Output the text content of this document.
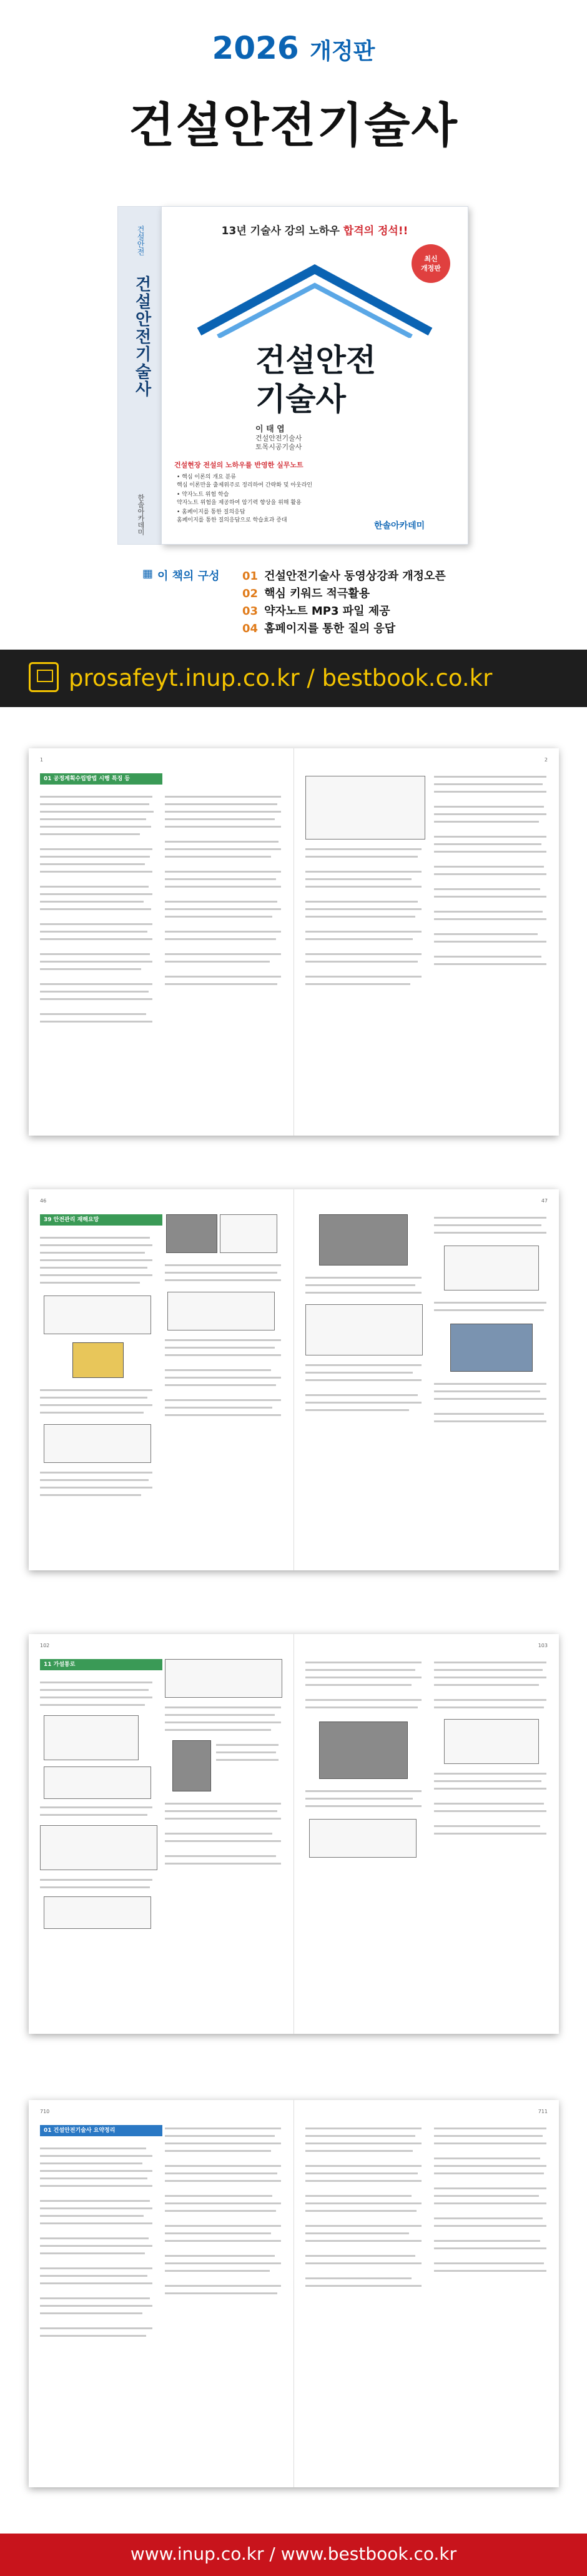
2026 개정판
건설안전기술사
건설안전
건설안전기술사
한솔아카데미
13년 기술사 강의 노하우 합격의 정석!!
최신
개정판
건설안전
기술사
이 태 엽
건설안전기술사
토목시공기술사
건설현장 전설의 노하우를 반영한 실무노트
• 핵심 이론의 개요 분류
핵심 이론만을 출제위주로 정리하여 간략화 및 아웃라인
• 약자노트 위험 학습
약자노트 위험을 제공하여 암기력 향상을 위해 활용
• 홈페이지를 통한 질의응답
홈페이지를 통한 질의응답으로 학습효과 증대
한솔아카데미
▦ 이 책의 구성 01 건설안전기술사 동영상강좌 개정오픈
02 핵심 키워드 적극활용
03 약자노트 MP3 파일 제공
04 홈페이지를 통한 질의 응답
prosafeyt.inup.co.kr / bestbook.co.kr
1
01 공정계획수립방법 시행 특징 등
2
46
39 안전관리 재해요망
47
102
11 가설통로
103
710
01 건설안전기술사 요약정리
711
www.inup.co.kr / www.bestbook.co.kr
